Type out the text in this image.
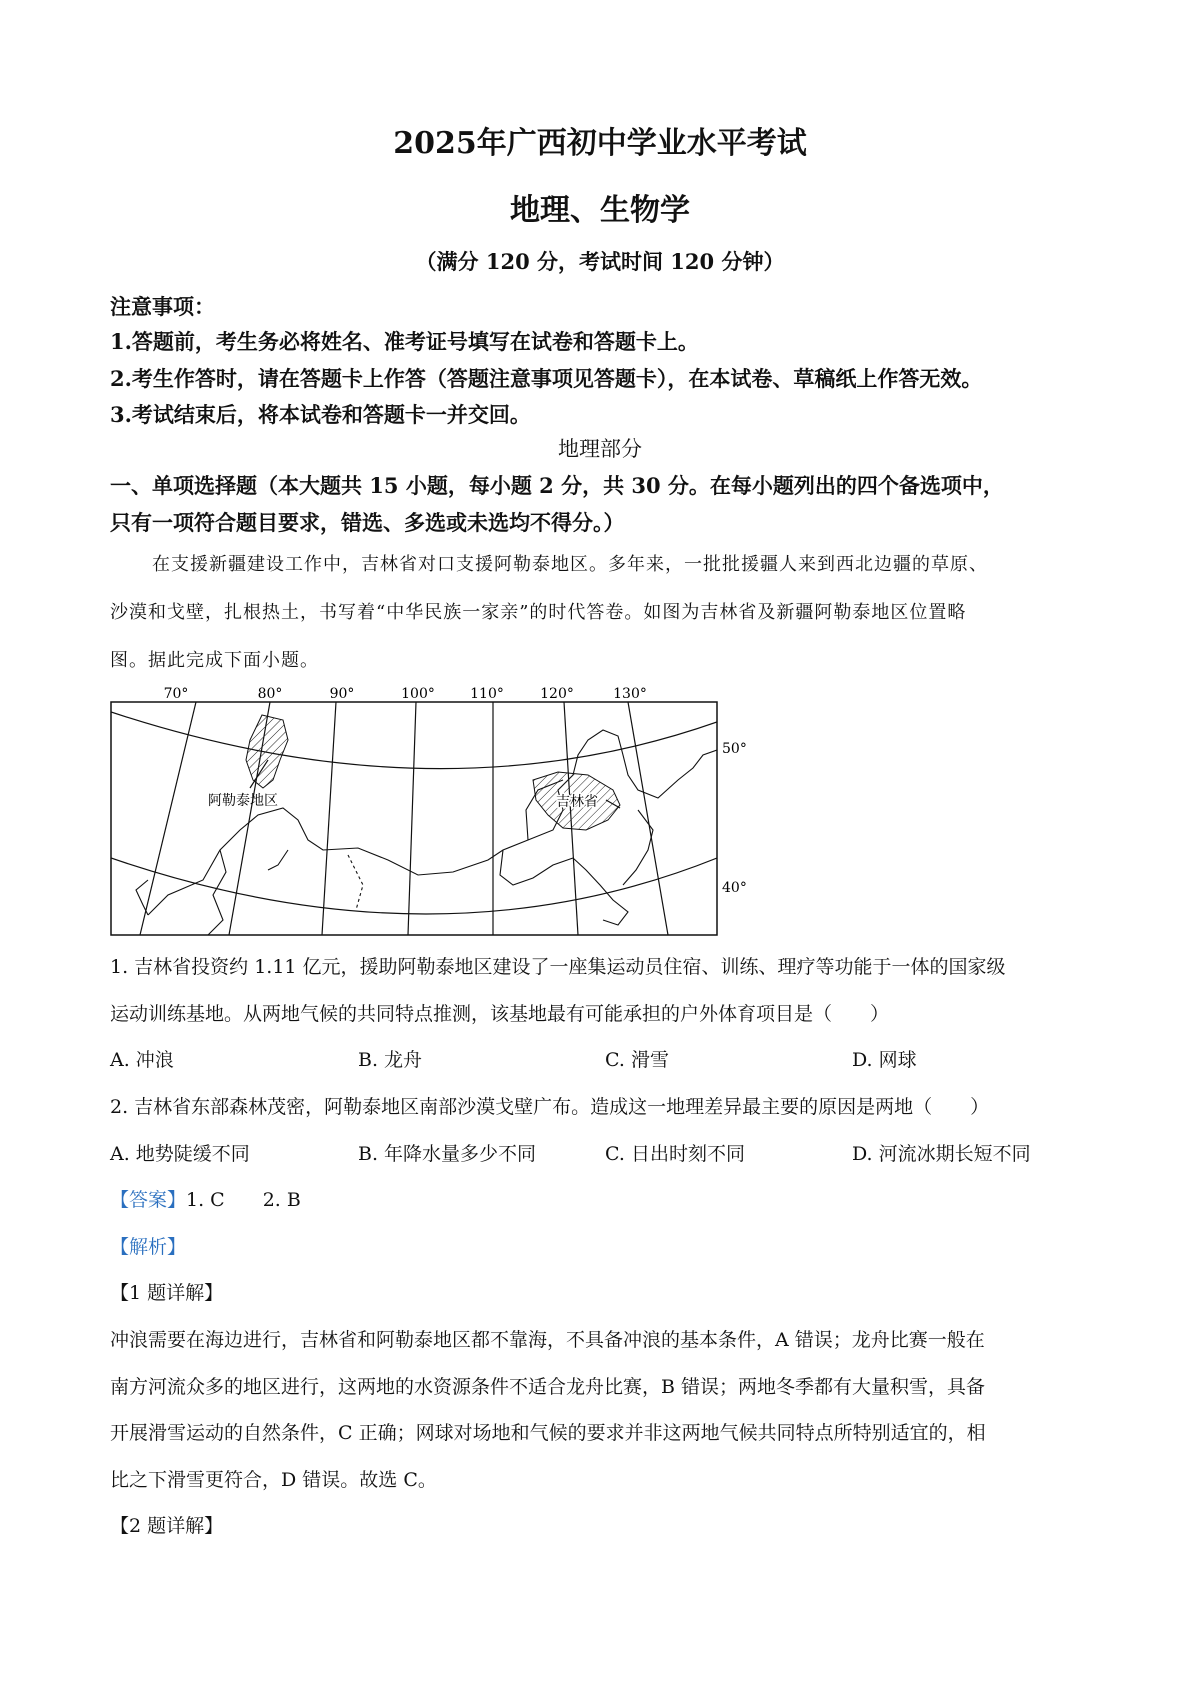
2025年广西初中学业水平考试
地理、生物学
（满分 120 分，考试时间 120 分钟）
注意事项：
1.答题前，考生务必将姓名、准考证号填写在试卷和答题卡上。
2.考生作答时，请在答题卡上作答（答题注意事项见答题卡），在本试卷、草稿纸上作答无效。
3.考试结束后，将本试卷和答题卡一并交回。
地理部分
一、单项选择题（本大题共 15 小题，每小题 2 分，共 30 分。在每小题列出的四个备选项中，
只有一项符合题目要求，错选、多选或未选均不得分。）
在支援新疆建设工作中，吉林省对口支援阿勒泰地区。多年来，一批批援疆人来到西北边疆的草原、
沙漠和戈壁，扎根热土，书写着“中华民族一家亲”的时代答卷。如图为吉林省及新疆阿勒泰地区位置略
图。据此完成下面小题。
70°	80°	90°	100°	110°	120°	130°
50°
40°
阿勒泰地区	吉林省
1. 吉林省投资约 1.11 亿元，援助阿勒泰地区建设了一座集运动员住宿、训练、理疗等功能于一体的国家级
运动训练基地。从两地气候的共同特点推测，该基地最有可能承担的户外体育项目是（　　）
A. 冲浪	B. 龙舟	C. 滑雪	D. 网球
2. 吉林省东部森林茂密，阿勒泰地区南部沙漠戈壁广布。造成这一地理差异最主要的原因是两地（　　）
A. 地势陡缓不同	B. 年降水量多少不同	C. 日出时刻不同	D. 河流冰期长短不同
【答案】1. C　　2. B
【解析】
【1 题详解】
冲浪需要在海边进行，吉林省和阿勒泰地区都不靠海，不具备冲浪的基本条件，A 错误；龙舟比赛一般在
南方河流众多的地区进行，这两地的水资源条件不适合龙舟比赛，B 错误；两地冬季都有大量积雪，具备
开展滑雪运动的自然条件，C 正确；网球对场地和气候的要求并非这两地气候共同特点所特别适宜的，相
比之下滑雪更符合，D 错误。故选 C。
【2 题详解】
